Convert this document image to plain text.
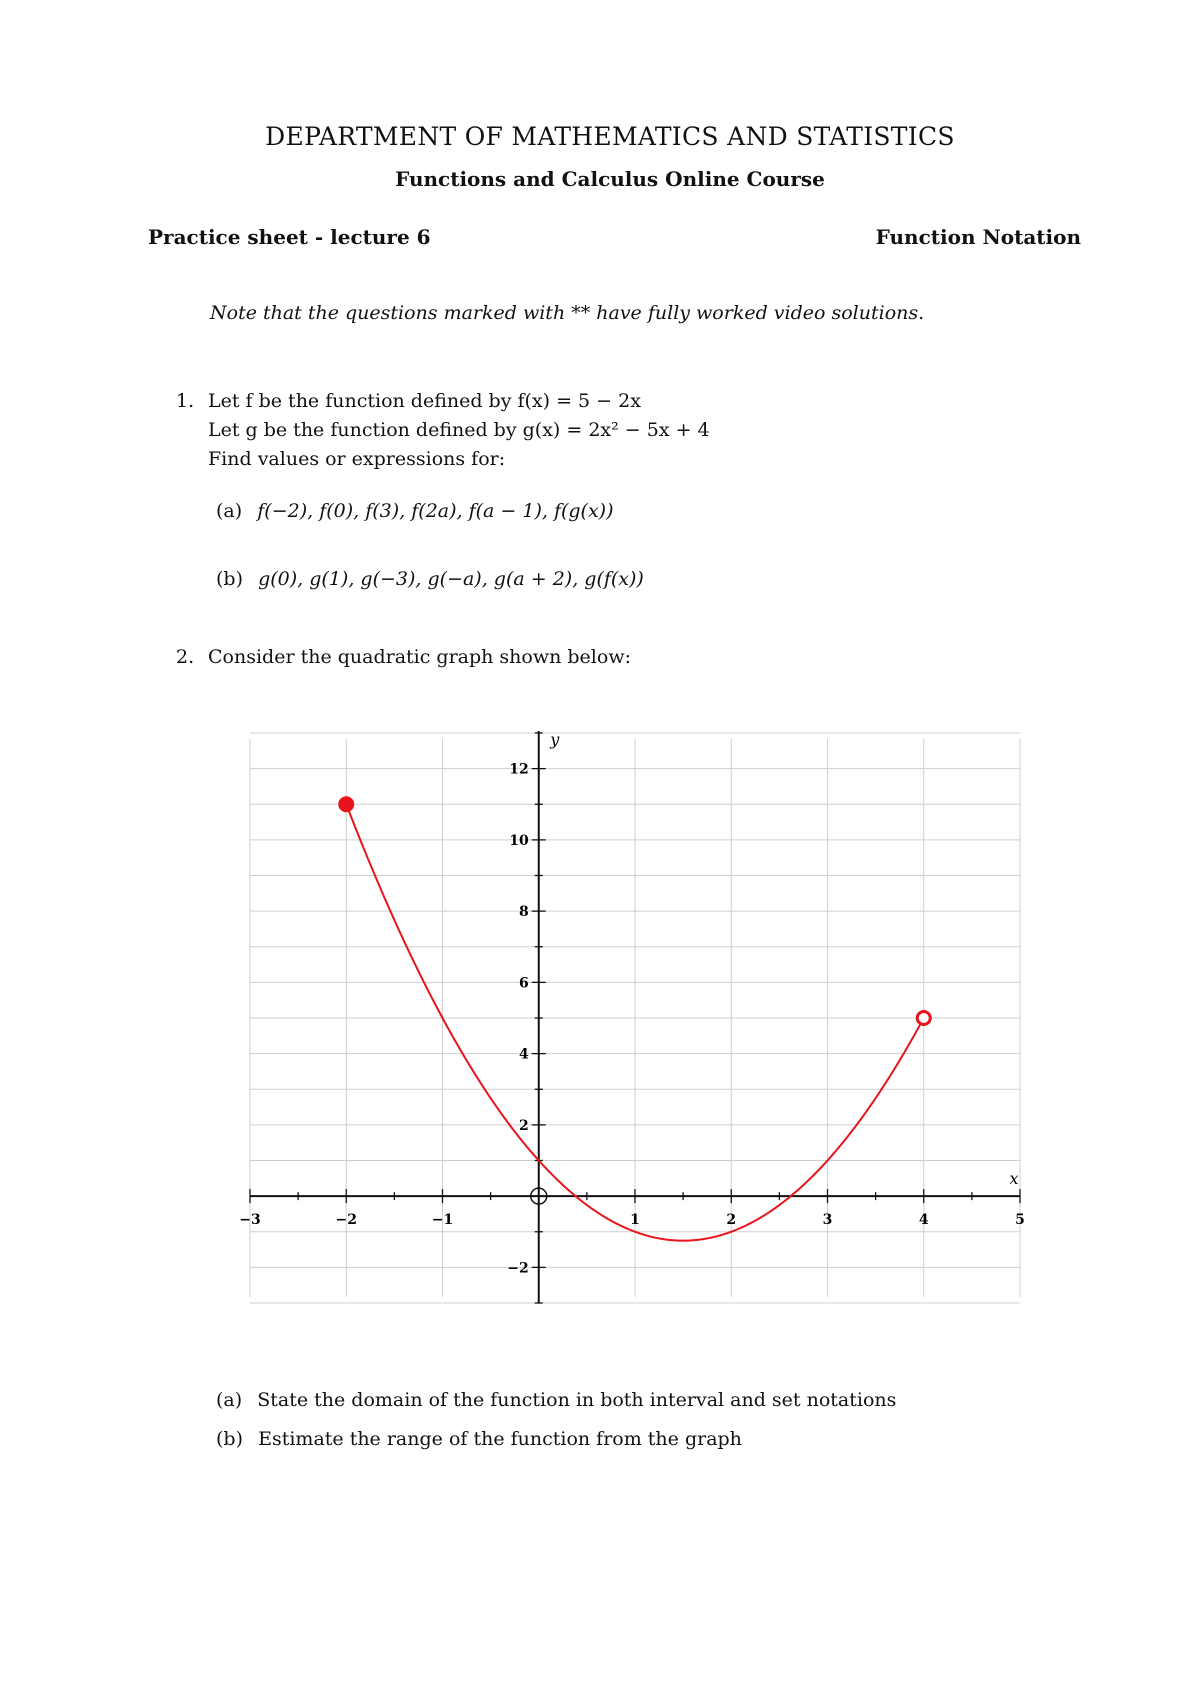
DEPARTMENT OF MATHEMATICS AND STATISTICS
Functions and Calculus Online Course
Practice sheet - lecture 6	Function Notation
Note that the questions marked with ** have fully worked video solutions.
1. Let f be the function defined by f(x) = 5 − 2x
Let g be the function defined by g(x) = 2x² − 5x + 4
Find values or expressions for:
(a) f(−2), f(0), f(3), f(2a), f(a − 1), f(g(x))
(b) g(0), g(1), g(−3), g(−a), g(a + 2), g(f(x))
2. Consider the quadratic graph shown below:
−3	−2	−1	1	2	3	4	5
−2
2
4
6
8
10
12
x
y
(a) State the domain of the function in both interval and set notations
(b) Estimate the range of the function from the graph
